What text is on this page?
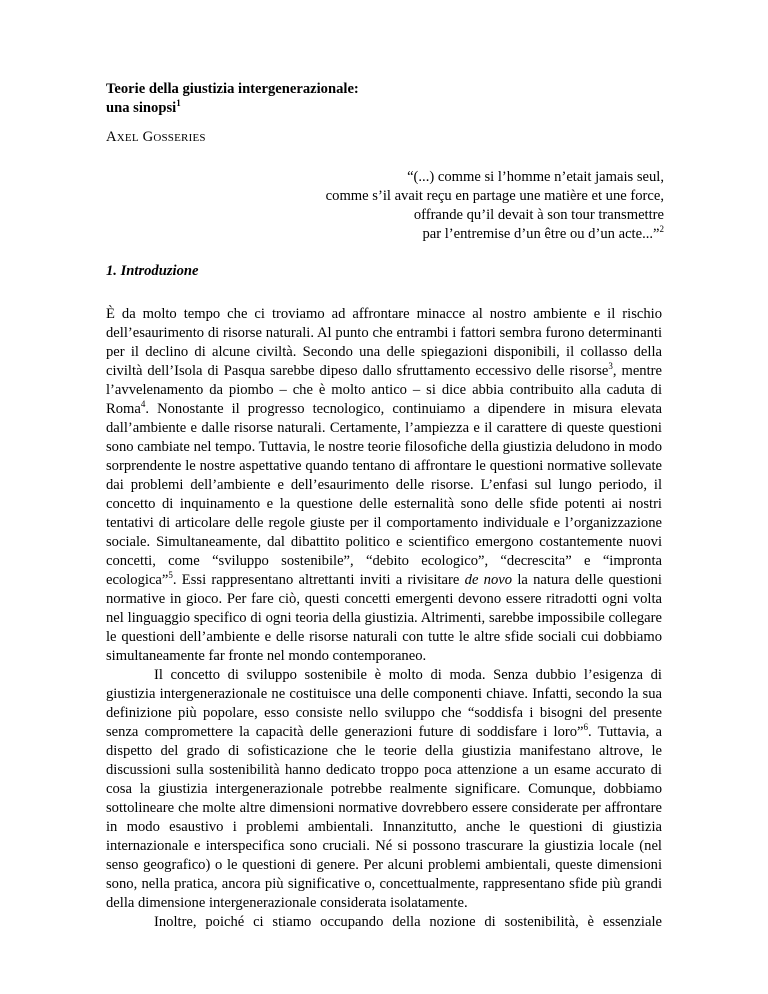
Teorie della giustizia intergenerazionale:
una sinopsi$^1$
AXEL GOSSERIES
“(...) comme si l’homme n’etait jamais seul,
comme s’il avait reçu en partage une matière et une force,
offrande qu’il devait à son tour transmettre
par l’entremise d’un être ou d’un acte...”$^2$
1. Introduzione

È da molto tempo che ci troviamo ad affrontare minacce al nostro ambiente e il rischio dell’esaurimento di risorse naturali. Al punto che entrambi i fattori sembra furono determinanti per il declino di alcune civiltà. Secondo una delle spiegazioni disponibili, il collasso della civiltà dell’Isola di Pasqua sarebbe dipeso dallo sfruttamento eccessivo delle risorse$^3$, mentre l’avvelenamento da piombo – che è molto antico – si dice abbia contribuito alla caduta di Roma$^4$. Nonostante il progresso tecnologico, continuiamo a dipendere in misura elevata dall’ambiente e dalle risorse naturali. Certamente, l’ampiezza e il carattere di queste questioni sono cambiate nel tempo. Tuttavia, le nostre teorie filosofiche della giustizia deludono in modo sorprendente le nostre aspettative quando tentano di affrontare le questioni normative sollevate dai problemi dell’ambiente e dell’esaurimento delle risorse. L’enfasi sul lungo periodo, il concetto di inquinamento e la questione delle esternalità sono delle sfide potenti ai nostri tentativi di articolare delle regole giuste per il comportamento individuale e l’organizzazione sociale. Simultaneamente, dal dibattito politico e scientifico emergono costantemente nuovi concetti, come “sviluppo sostenibile”, “debito ecologico”, “decrescita” e “impronta ecologica”$^5$. Essi rappresentano altrettanti inviti a rivisitare de novo la natura delle questioni normative in gioco. Per fare ciò, questi concetti emergenti devono essere ritradotti ogni volta nel linguaggio specifico di ogni teoria della giustizia. Altrimenti, sarebbe impossibile collegare le questioni dell’ambiente e delle risorse naturali con tutte le altre sfide sociali cui dobbiamo simultaneamente far fronte nel mondo contemporaneo.

Il concetto di sviluppo sostenibile è molto di moda. Senza dubbio l’esigenza di giustizia intergenerazionale ne costituisce una delle componenti chiave. Infatti, secondo la sua definizione più popolare, esso consiste nello sviluppo che “soddisfa i bisogni del presente senza compromettere la capacità delle generazioni future di soddisfare i loro”$^6$. Tuttavia, a dispetto del grado di sofisticazione che le teorie della giustizia manifestano altrove, le discussioni sulla sostenibilità hanno dedicato troppo poca attenzione a un esame accurato di cosa la giustizia intergenerazionale potrebbe realmente significare. Comunque, dobbiamo sottolineare che molte altre dimensioni normative dovrebbero essere considerate per affrontare in modo esaustivo i problemi ambientali. Innanzitutto, anche le questioni di giustizia internazionale e interspecifica sono cruciali. Né si possono trascurare la giustizia locale (nel senso geografico) o le questioni di genere. Per alcuni problemi ambientali, queste dimensioni sono, nella pratica, ancora più significative o, concettualmente, rappresentano sfide più grandi della dimensione intergenerazionale considerata isolatamente.

Inoltre, poiché ci stiamo occupando della nozione di sostenibilità, è essenziale
